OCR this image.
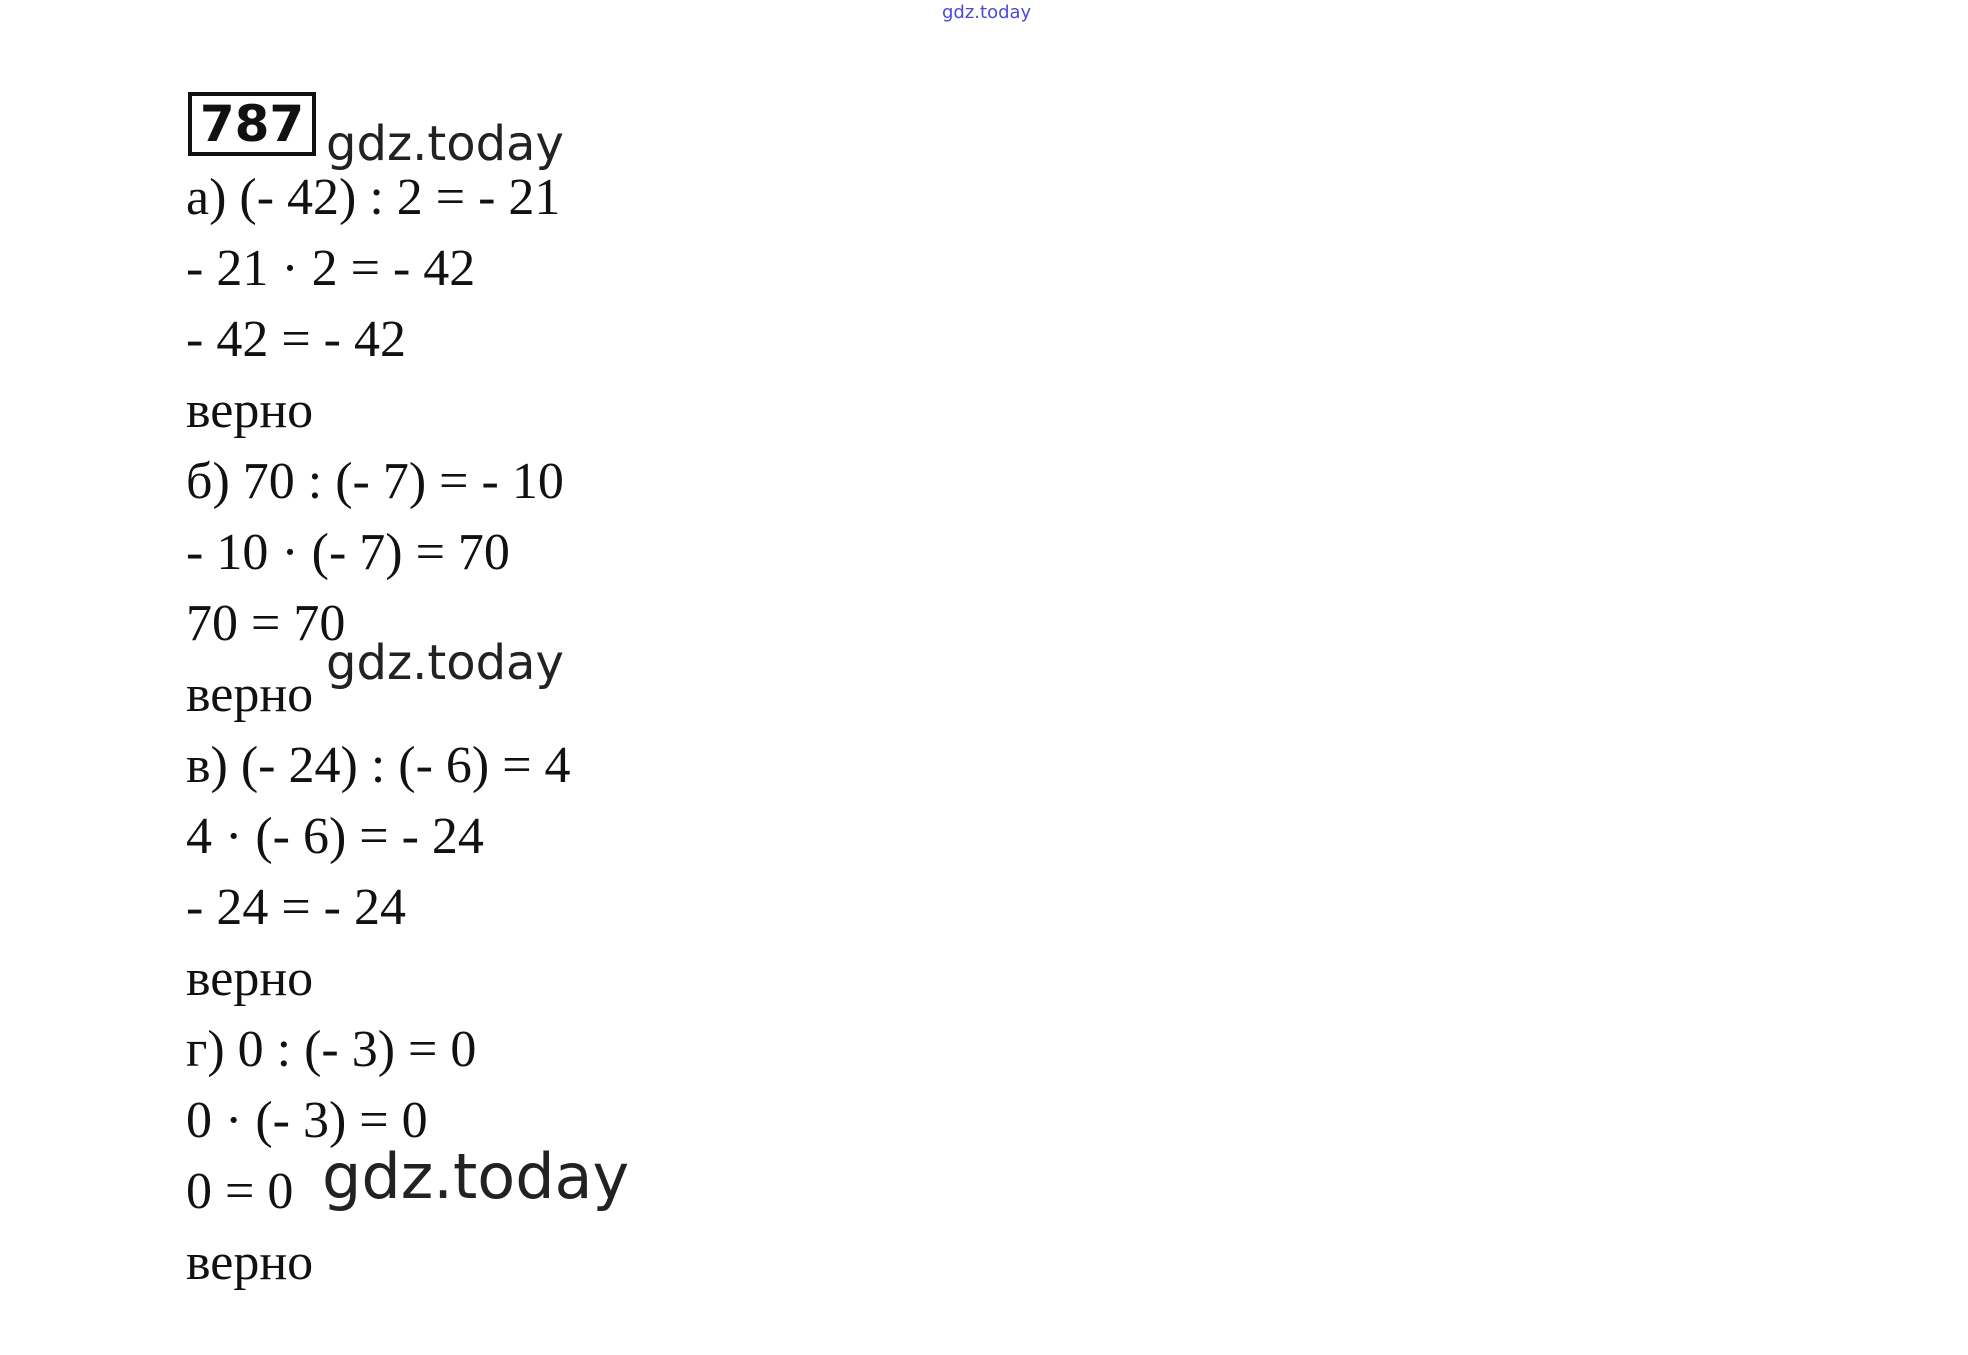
gdz.today
787 gdz.today
а) (- 42) : 2 = - 21
- 21 · 2 = - 42
- 42 = - 42
верно
б) 70 : (- 7) = - 10
- 10 · (- 7) = 70
70 = 70
верно
gdz.today
в) (- 24) : (- 6) = 4
4 · (- 6) = - 24
- 24 = - 24
верно
г) 0 : (- 3) = 0
0 · (- 3) = 0
0 = 0
верно
gdz.today
